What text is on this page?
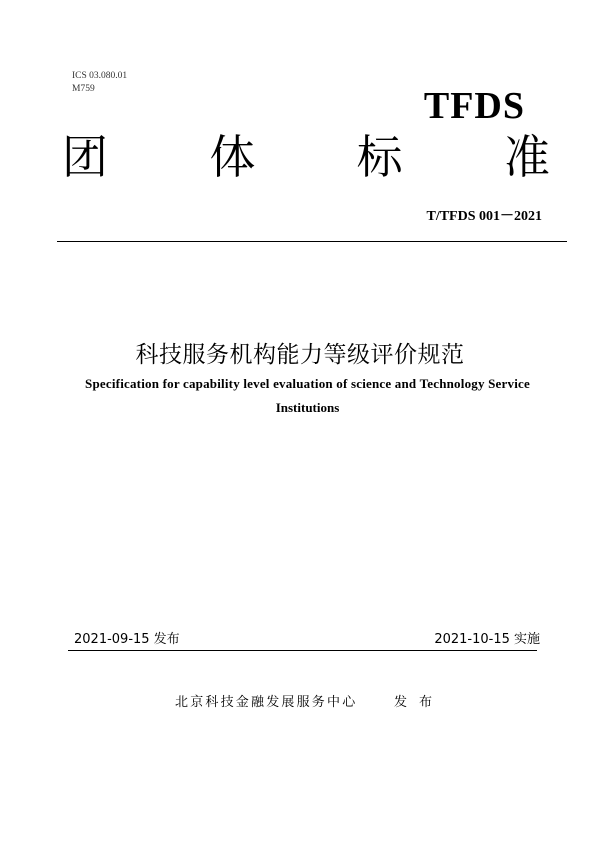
ICS 03.080.01
M759	TFDS
团 体 标 准
T/TFDS 001－2021
科技服务机构能力等级评价规范
Specification for capability level evaluation of science and Technology Service
Institutions
2021-09-15 发布	2021-10-15 实施
北京科技金融发展服务中心	发布
